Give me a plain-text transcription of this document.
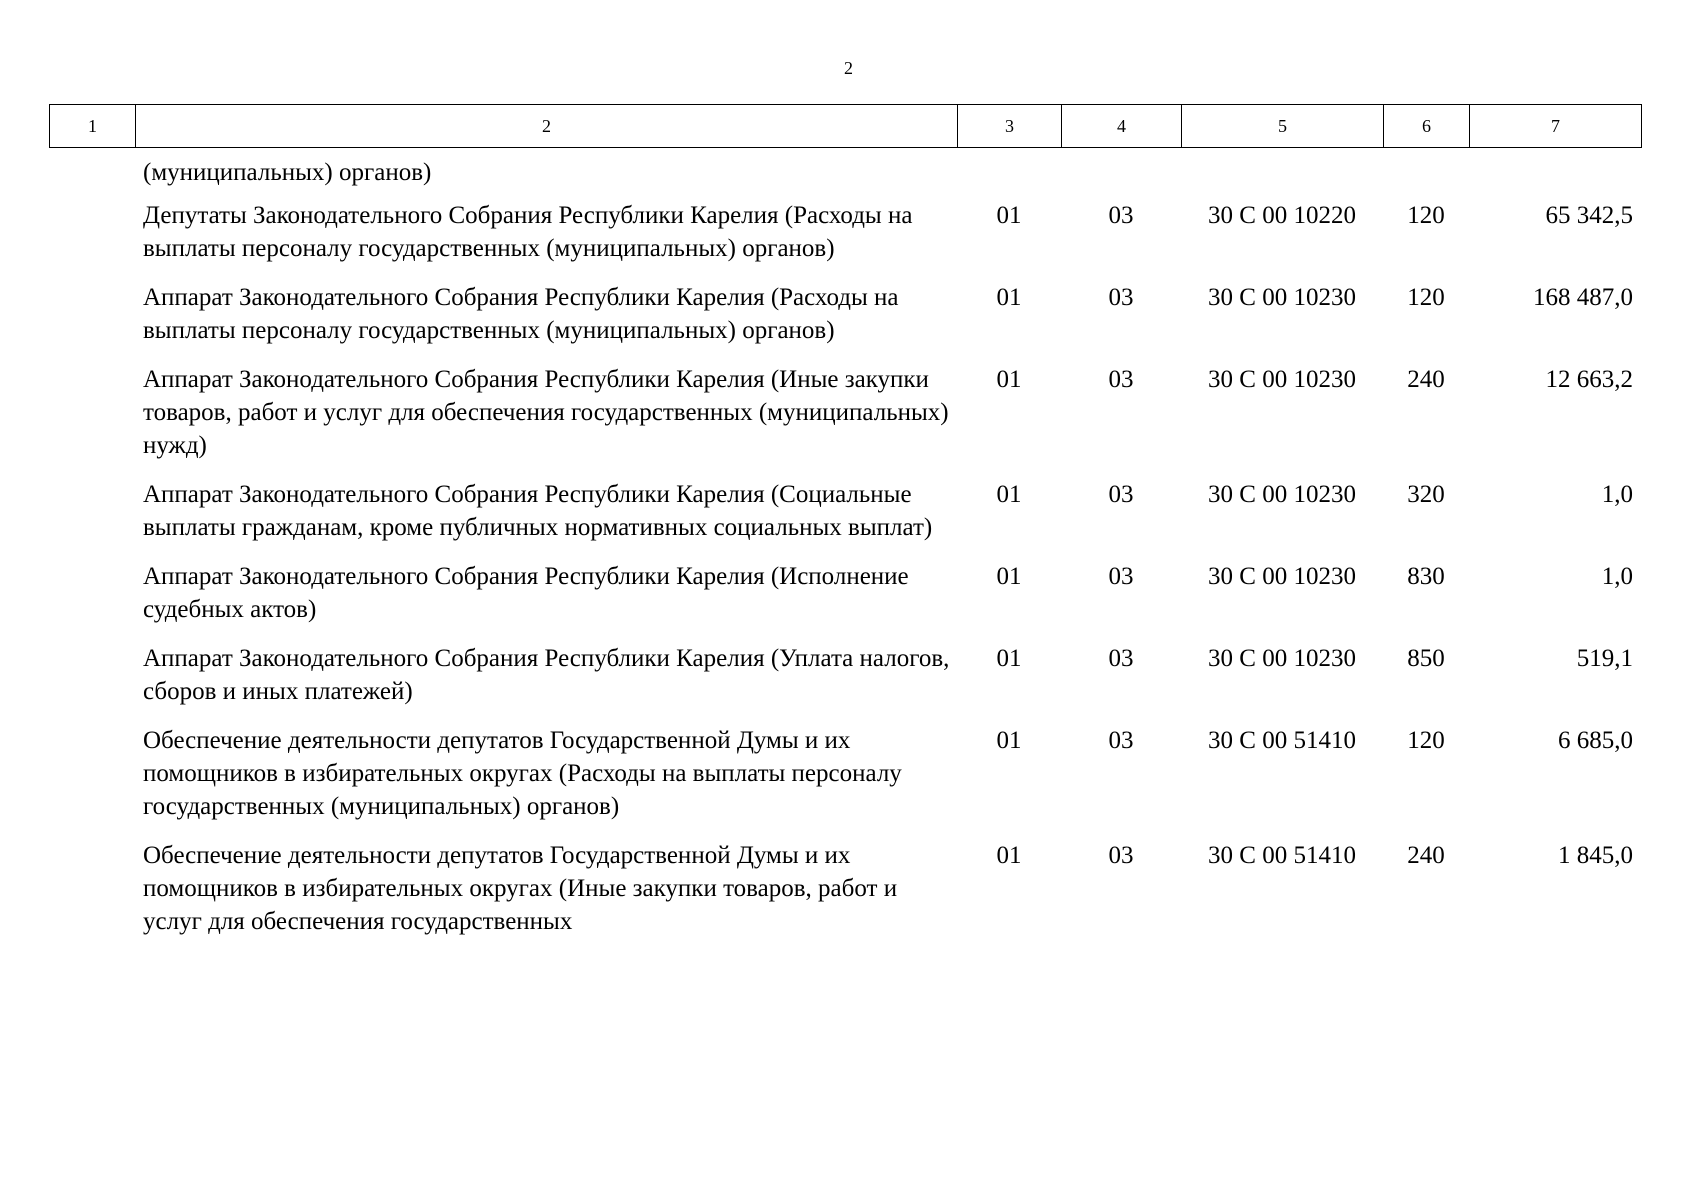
2
1	2	3	4	5	6	7
(муниципальных) органов)					
Депутаты Законодательного Собрания Республики Карелия (Расходы на выплаты персоналу государственных (муниципальных) органов)	01	03	30 С 00 10220	120	65 342,5
Аппарат Законодательного Собрания Республики Карелия (Расходы на выплаты персоналу государственных (муниципальных) органов)	01	03	30 С 00 10230	120	168 487,0
Аппарат Законодательного Собрания Республики Карелия (Иные закупки товаров, работ и услуг для обеспечения государственных (муниципальных) нужд)	01	03	30 С 00 10230	240	12 663,2
Аппарат Законодательного Собрания Республики Карелия (Социальные выплаты гражданам, кроме публичных нормативных социальных выплат)	01	03	30 С 00 10230	320	1,0
Аппарат Законодательного Собрания Республики Карелия (Исполнение судебных актов)	01	03	30 С 00 10230	830	1,0
Аппарат Законодательного Собрания Республики Карелия (Уплата налогов, сборов и иных платежей)	01	03	30 С 00 10230	850	519,1
Обеспечение деятельности депутатов Государственной Думы и их помощников в избирательных округах (Расходы на выплаты персоналу государственных (муниципальных) органов)	01	03	30 С 00 51410	120	6 685,0
Обеспечение деятельности депутатов Государственной Думы и их помощников в избирательных округах (Иные закупки товаров, работ и услуг для обеспечения государственных	01	03	30 С 00 51410	240	1 845,0
